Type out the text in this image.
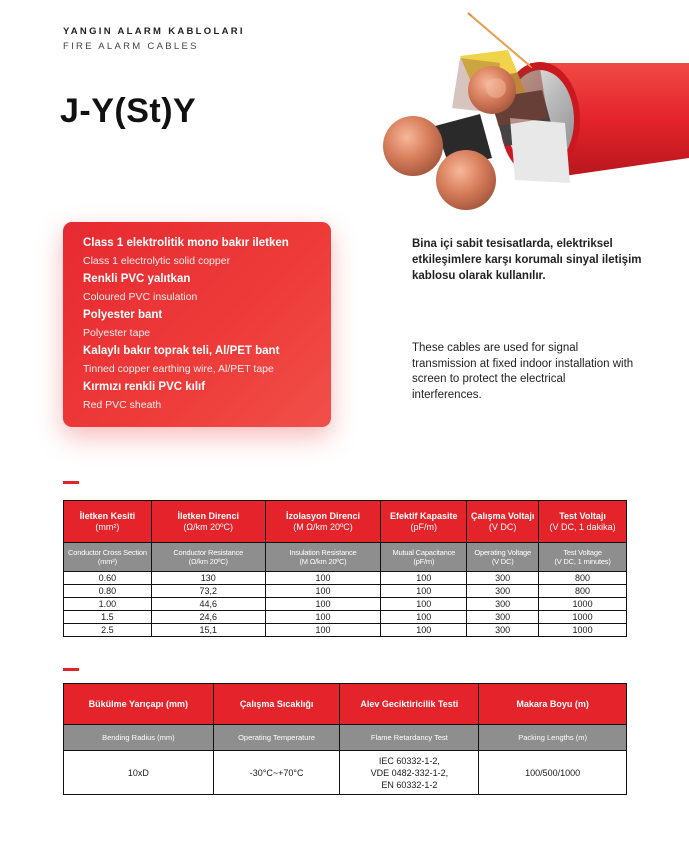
YANGIN ALARM KABLOLARI
FIRE ALARM CABLES
J-Y(St)Y
Class 1 elektrolitik mono bakır iletken
Class 1 electrolytic solid copper
Renkli PVC yalıtkan
Coloured PVC insulation
Polyester bant
Polyester tape
Kalaylı bakır toprak teli, Al/PET bant
Tinned copper earthing wire, Al/PET tape
Kırmızı renkli PVC kılıf
Red PVC sheath
Bina içi sabit tesisatlarda, elektriksel etkileşimlere karşı korumalı sinyal iletişim kablosu olarak kullanılır.
These cables are used for signal transmission at fixed indoor installation with screen to protect the electrical interferences.
İletken Kesiti
(mm²)	İletken Direnci
(Ω/km 20ºC)	İzolasyon Direnci
(M Ω/km 20ºC)	Efektif Kapasite
(pF/m)	Çalışma Voltajı
(V DC)	Test Voltajı
(V DC, 1 dakika)

Conductor Cross Section
(mm²)	Conductor Resistance
(Ω/km 20ºC)	Insulation Resistance
(M Ω/km 20ºC)	Mutual Capacitance
(pF/m)	Operating Voltage
(V DC)	Test Voltage
(V DC, 1 minutes)

0.60	130	100	100	300	800
0.80	73,2	100	100	300	800
1.00	44,6	100	100	300	1000
1.5	24,6	100	100	300	1000
2.5	15,1	100	100	300	1000
Bükülme Yarıçapı (mm)	Çalışma Sıcaklığı	Alev Geciktiricilik Testi	Makara Boyu (m)
Bending Radius (mm)	Operating Temperature	Flame Retardancy Test	Packing Lengths (m)
10xD	-30°C~+70°C	IEC 60332-1-2,
VDE 0482-332-1-2,
EN 60332-1-2	100/500/1000
